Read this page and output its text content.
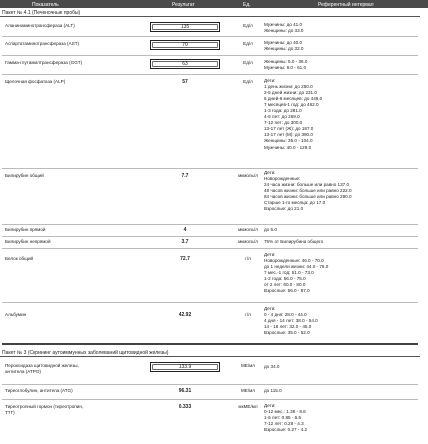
Показатель	Результат	Ед.	Референтный интервал
Пакет № 4.1 (Печеночные пробы)
Аланинаминотрансфераза (ALT)	135	Ед/л	Мужчины: до 41.0
Женщины: до 33.0
Аспартатаминотрансфераза (AST)	70	Ед/л	Мужчины: до 40.0
Женщины: до 32.0
Гамма-глутамилтрансфераза (GGT)	63	Ед/л	Женщины: 5.0 - 36.0
Мужчины: 8.0 - 61.0
Щелочная фосфатаза (ALP)	57	Ед/л	Дети:
1 день жизни: до 250.0
2-5 дней жизни: до 231.0
6 дней-6 месяцев: до 449.0
7 месяцев-1 год: до 462.0
1-3 года: до 281.0
4-6 лет: до 269.0
7-12 лет: до 300.0
13-17 лет (Ж): до 187.0
13-17 лет (М): до 390.0
Женщины: 35.0 - 104.0
Мужчины: 40.0 - 129.0
Билирубин общий	7.7	мкмоль/л
Дети:
Новорожденные:
24 часа жизни: больше или равно 137.0
48 часов жизни: больше или равно 222.0
84 часов жизни: больше или равно 290.0
Старше 1-го месяца: до 17.0
Взрослые: до 21.0
Билирубин прямой	4	мкмоль/л	до 5.0
Билирубин непрямой	3.7	мкмоль/л	75% от Билирубина общего
Белок общий	72.7	г/л
Дети:
Новорожденные: 46.0 - 70.0
до 1 недели жизни: 44.0 - 76.0
7 мес.-1 год: 51.0 - 73.0
1-2 года: 56.0 - 75.0
от 2 лет: 60.0 - 80.0
Взрослые: 66.0 - 87.0
Альбумин	42.92	г/л
Дети:
0 - 4 дня: 28.0 - 44.0
4 дня - 14 лет: 38.0 - 54.0
14 - 18 лет: 32.0 - 45.0
Взрослые: 35.0 - 52.0
Пакет № 3 (Скрининг аутоиммунных заболеваний щитовидной железы)
Пероксидаза щитовидной железы,
антитела (ATPO)
133.9	МЕ/мл	до 34.0
Тиреоглобулин, антитела (ATG)	96.31	МЕ/мл	до 115.0
Тиреотропный гормон (тиреотропин,
TTГ)
0.333	мкМЕ/мл	Дети:
0-12 мес.: 1.36 - 8.8
1-6 лет: 0.85 - 6.5
7-12 лет: 0.28 - 4.3
Взрослые: 0.27 - 4.2
